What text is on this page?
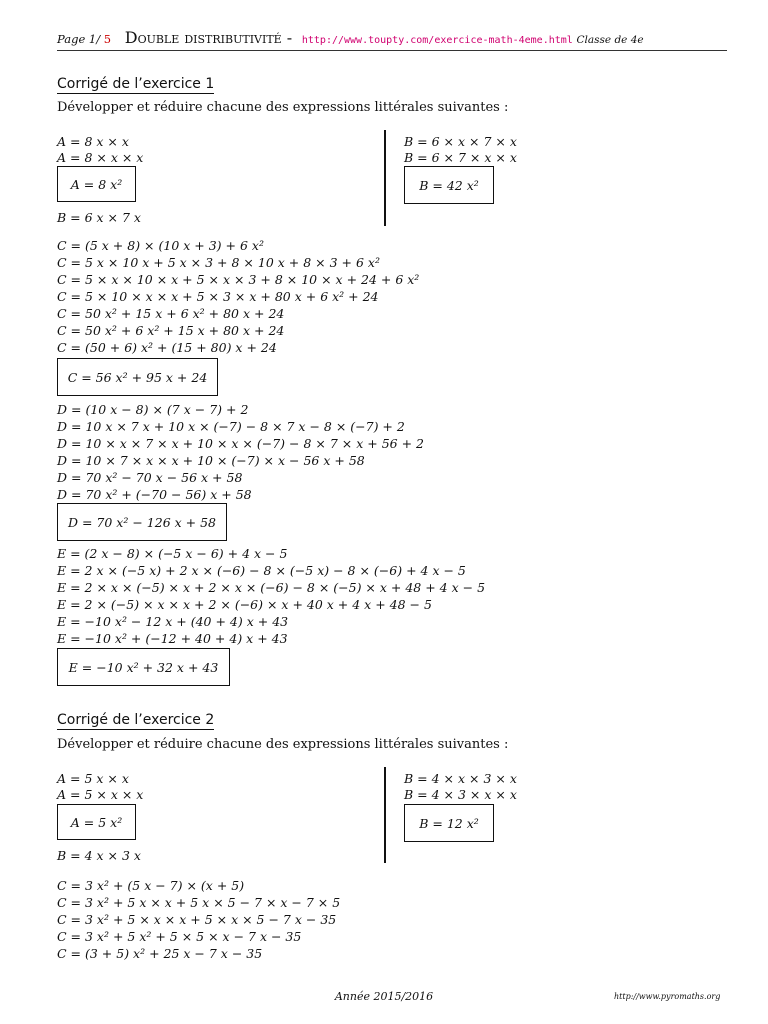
Page 1/ 5 Double distributivité - http://www.toupty.com/exercice-math-4eme.html Classe de 4e
Corrigé de l’exercice 1
Développer et réduire chacune des expressions littérales suivantes :
A = 8 x × x
A = 8 × x × x
A = 8 x²
B = 6 x × 7 x
B = 6 × x × 7 × x
B = 6 × 7 × x × x
B = 42 x²
C = (5 x + 8) × (10 x + 3) + 6 x²
C = 5 x × 10 x + 5 x × 3 + 8 × 10 x + 8 × 3 + 6 x²
C = 5 × x × 10 × x + 5 × x × 3 + 8 × 10 × x + 24 + 6 x²
C = 5 × 10 × x × x + 5 × 3 × x + 80 x + 6 x² + 24
C = 50 x² + 15 x + 6 x² + 80 x + 24
C = 50 x² + 6 x² + 15 x + 80 x + 24
C = (50 + 6) x² + (15 + 80) x + 24
C = 56 x² + 95 x + 24
D = (10 x − 8) × (7 x − 7) + 2
D = 10 x × 7 x + 10 x × (−7) − 8 × 7 x − 8 × (−7) + 2
D = 10 × x × 7 × x + 10 × x × (−7) − 8 × 7 × x + 56 + 2
D = 10 × 7 × x × x + 10 × (−7) × x − 56 x + 58
D = 70 x² − 70 x − 56 x + 58
D = 70 x² + (−70 − 56) x + 58
D = 70 x² − 126 x + 58
E = (2 x − 8) × (−5 x − 6) + 4 x − 5
E = 2 x × (−5 x) + 2 x × (−6) − 8 × (−5 x) − 8 × (−6) + 4 x − 5
E = 2 × x × (−5) × x + 2 × x × (−6) − 8 × (−5) × x + 48 + 4 x − 5
E = 2 × (−5) × x × x + 2 × (−6) × x + 40 x + 4 x + 48 − 5
E = −10 x² − 12 x + (40 + 4) x + 43
E = −10 x² + (−12 + 40 + 4) x + 43
E = −10 x² + 32 x + 43
Corrigé de l’exercice 2
Développer et réduire chacune des expressions littérales suivantes :
A = 5 x × x
A = 5 × x × x
A = 5 x²
B = 4 x × 3 x
B = 4 × x × 3 × x
B = 4 × 3 × x × x
B = 12 x²
C = 3 x² + (5 x − 7) × (x + 5)
C = 3 x² + 5 x × x + 5 x × 5 − 7 × x − 7 × 5
C = 3 x² + 5 × x × x + 5 × x × 5 − 7 x − 35
C = 3 x² + 5 x² + 5 × 5 × x − 7 x − 35
C = (3 + 5) x² + 25 x − 7 x − 35
Année 2015/2016	http://www.pyromaths.org
